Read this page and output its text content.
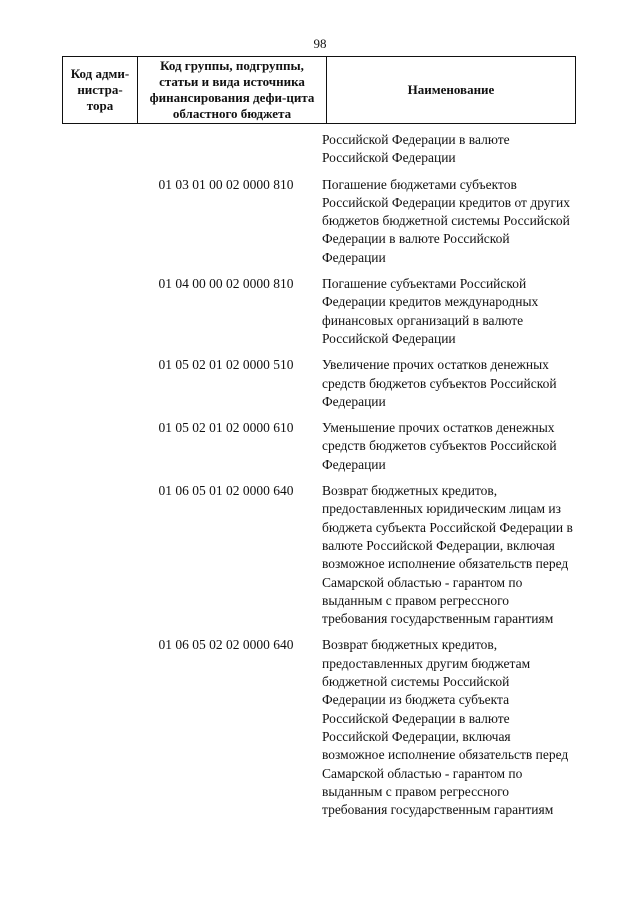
98
Код адми-нистра-тора	Код группы, подгруппы, статьи и вида источника финансирования дефи-цита областного бюджета	Наименование
Российской Федерации в валюте Российской Федерации
01 03 01 00 02 0000 810	Погашение бюджетами субъектов Российской Федерации кредитов от других бюджетов бюджетной системы Российской Федерации в валюте Российской Федерации
01 04 00 00 02 0000 810	Погашение субъектами Российской Федерации кредитов международных финансовых организаций в валюте Российской Федерации
01 05 02 01 02 0000 510	Увеличение прочих остатков денежных средств бюджетов субъектов Российской Федерации
01 05 02 01 02 0000 610	Уменьшение прочих остатков денежных средств бюджетов субъектов Российской Федерации
01 06 05 01 02 0000 640	Возврат бюджетных кредитов, предоставленных юридическим лицам из бюджета субъекта Российской Федерации в валюте Российской Федерации, включая возможное исполнение обязательств перед Самарской областью - гарантом по выданным с правом регрессного требования государственным гарантиям
01 06 05 02 02 0000 640	Возврат бюджетных кредитов, предоставленных другим бюджетам бюджетной системы Российской Федерации из бюджета субъекта Российской Федерации в валюте Российской Федерации, включая возможное исполнение обязательств перед Самарской областью - гарантом по выданным с правом регрессного требования государственным гарантиям
